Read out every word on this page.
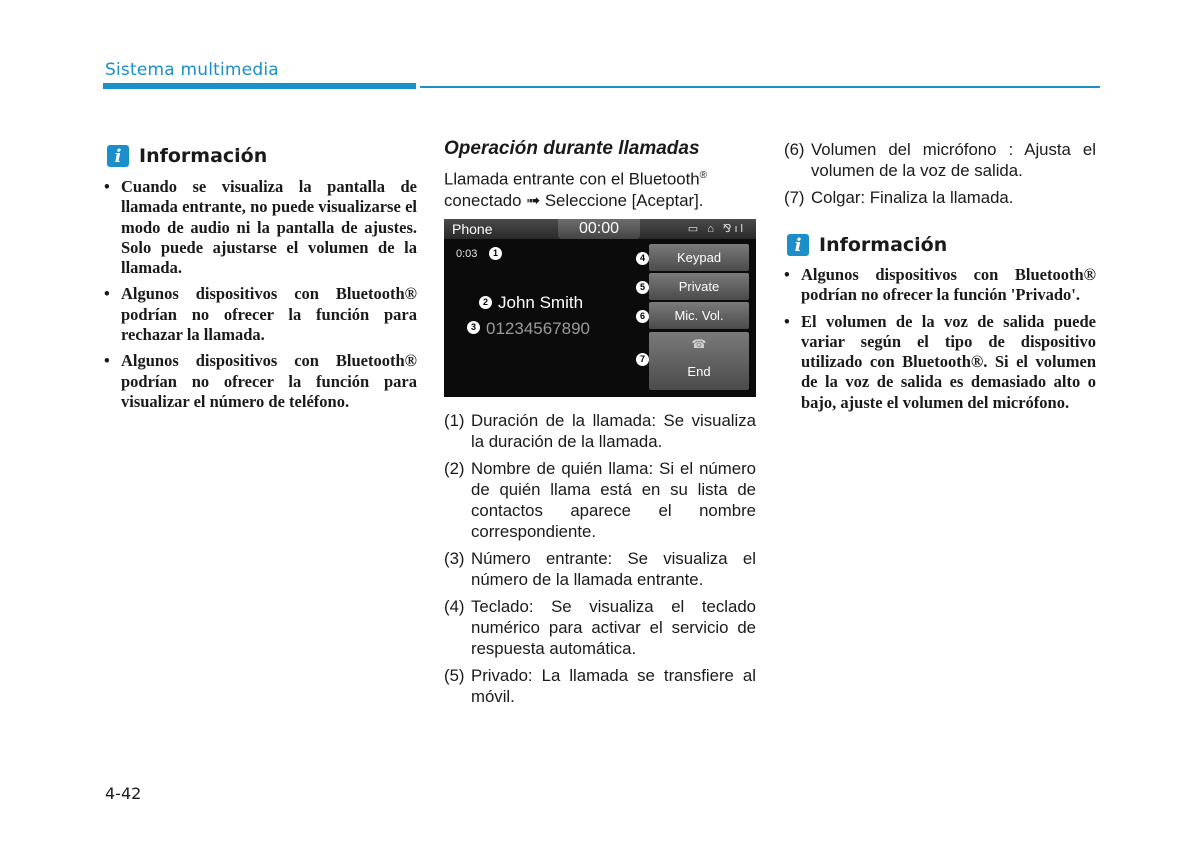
Sistema multimedia
i Información
• Cuando se visualiza la pantalla de llamada entrante, no puede visualizarse el modo de audio ni la pantalla de ajustes. Solo puede ajustarse el volumen de la llamada.
• Algunos dispositivos con Bluetooth® podrían no ofrecer la función para rechazar la llamada.
• Algunos dispositivos con Bluetooth® podrían no ofrecer la función para visualizar el número de teléfono.
Operación durante llamadas
Llamada entrante con el Bluetooth® conectado ➟ Seleccione [Aceptar].
Phone	00:00	▭ ⌂ ⅋ıl
0:03	1
2 John Smith
3 01234567890
4	Keypad
5	Private
6	Mic. Vol.
7
☎
End
(1) Duración de la llamada: Se visualiza la duración de la llamada.
(2) Nombre de quién llama: Si el número de quién llama está en su lista de contactos aparece el nombre correspondiente.
(3) Número entrante: Se visualiza el número de la llamada entrante.
(4) Teclado: Se visualiza el teclado numérico para activar el servicio de respuesta automática.
(5) Privado: La llamada se transfiere al móvil.
(6) Volumen del micrófono : Ajusta el volumen de la voz de salida.
(7) Colgar: Finaliza la llamada.
i Información
• Algunos dispositivos con Bluetooth® podrían no ofrecer la función 'Privado'.
• El volumen de la voz de salida puede variar según el tipo de dispositivo utilizado con Bluetooth®. Si el volumen de la voz de salida es demasiado alto o bajo, ajuste el volumen del micrófono.
4-42
